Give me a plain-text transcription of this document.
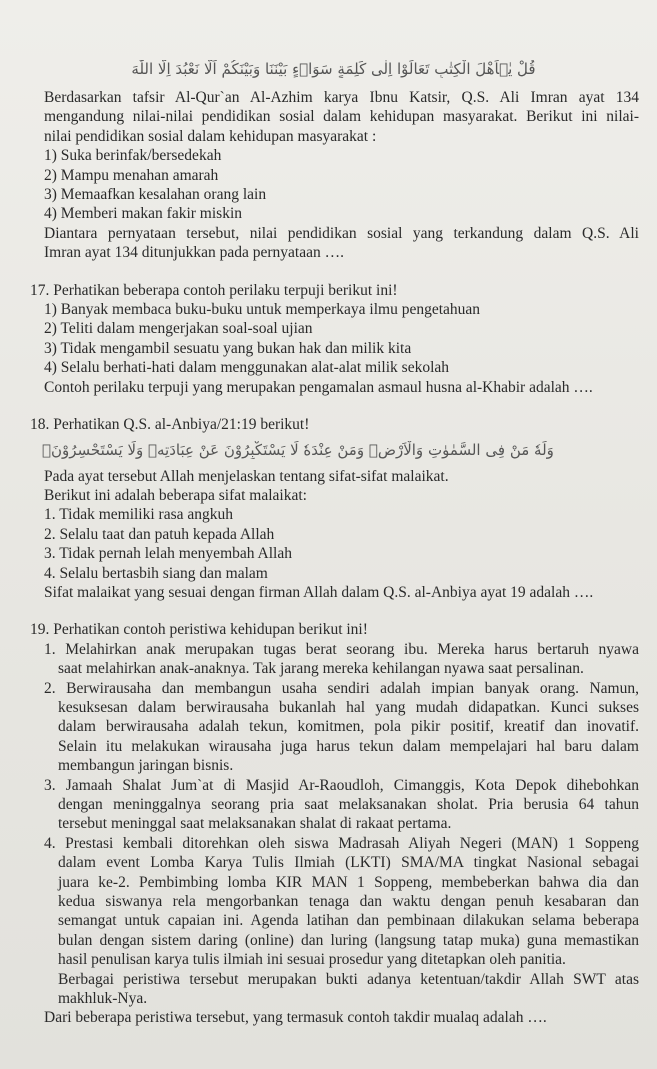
قُلْ يٰۤاَهْلَ الْكِتٰبِ تَعَالَوْا اِلٰى كَلِمَةٍ سَوَاۤءٍ بَيْنَنَا وَبَيْنَكُمْ اَلَّا نَعْبُدَ اِلَّا اللّٰهَ
Berdasarkan tafsir Al-Qur`an Al-Azhim karya Ibnu Katsir, Q.S. Ali Imran ayat 134
mengandung nilai-nilai pendidikan sosial dalam kehidupan masyarakat. Berikut ini nilai-
nilai pendidikan sosial dalam kehidupan masyarakat :
1) Suka berinfak/bersedekah
2) Mampu menahan amarah
3) Memaafkan kesalahan orang lain
4) Memberi makan fakir miskin
Diantara pernyataan tersebut, nilai pendidikan sosial yang terkandung dalam Q.S. Ali
Imran ayat 134 ditunjukkan pada pernyataan ….
17. Perhatikan beberapa contoh perilaku terpuji berikut ini!
1) Banyak membaca buku-buku untuk memperkaya ilmu pengetahuan
2) Teliti dalam mengerjakan soal-soal ujian
3) Tidak mengambil sesuatu yang bukan hak dan milik kita
4) Selalu berhati-hati dalam menggunakan alat-alat milik sekolah
Contoh perilaku terpuji yang merupakan pengamalan asmaul husna al-Khabir adalah ….
18. Perhatikan Q.S. al-Anbiya/21:19 berikut!
وَلَهٗ مَنْ فِى السَّمٰوٰتِ وَالْاَرْضِۗ وَمَنْ عِنْدَهٗ لَا يَسْتَكْبِرُوْنَ عَنْ عِبَادَتِهٖ وَلَا يَسْتَحْسِرُوْنَۚ
Pada ayat tersebut Allah menjelaskan tentang sifat-sifat malaikat.
Berikut ini adalah beberapa sifat malaikat:
1. Tidak memiliki rasa angkuh
2. Selalu taat dan patuh kepada Allah
3. Tidak pernah lelah menyembah Allah
4. Selalu bertasbih siang dan malam
Sifat malaikat yang sesuai dengan firman Allah dalam Q.S. al-Anbiya ayat 19 adalah ….
19. Perhatikan contoh peristiwa kehidupan berikut ini!
1. Melahirkan anak merupakan tugas berat seorang ibu. Mereka harus bertaruh nyawa
saat melahirkan anak-anaknya. Tak jarang mereka kehilangan nyawa saat persalinan.
2. Berwirausaha dan membangun usaha sendiri adalah impian banyak orang. Namun,
kesuksesan dalam berwirausaha bukanlah hal yang mudah didapatkan. Kunci sukses
dalam berwirausaha adalah tekun, komitmen, pola pikir positif, kreatif dan inovatif.
Selain itu melakukan wirausaha juga harus tekun dalam mempelajari hal baru dalam
membangun jaringan bisnis.
3. Jamaah Shalat Jum`at di Masjid Ar-Raoudloh, Cimanggis, Kota Depok dihebohkan
dengan meninggalnya seorang pria saat melaksanakan sholat. Pria berusia 64 tahun
tersebut meninggal saat melaksanakan shalat di rakaat pertama.
4. Prestasi kembali ditorehkan oleh siswa Madrasah Aliyah Negeri (MAN) 1 Soppeng
dalam event Lomba Karya Tulis Ilmiah (LKTI) SMA/MA tingkat Nasional sebagai
juara ke-2. Pembimbing lomba KIR MAN 1 Soppeng, membeberkan bahwa dia dan
kedua siswanya rela mengorbankan tenaga dan waktu dengan penuh kesabaran dan
semangat untuk capaian ini. Agenda latihan dan pembinaan dilakukan selama beberapa
bulan dengan sistem daring (online) dan luring (langsung tatap muka) guna memastikan
hasil penulisan karya tulis ilmiah ini sesuai prosedur yang ditetapkan oleh panitia.
Berbagai peristiwa tersebut merupakan bukti adanya ketentuan/takdir Allah SWT atas
makhluk-Nya.
Dari beberapa peristiwa tersebut, yang termasuk contoh takdir mualaq adalah ….
